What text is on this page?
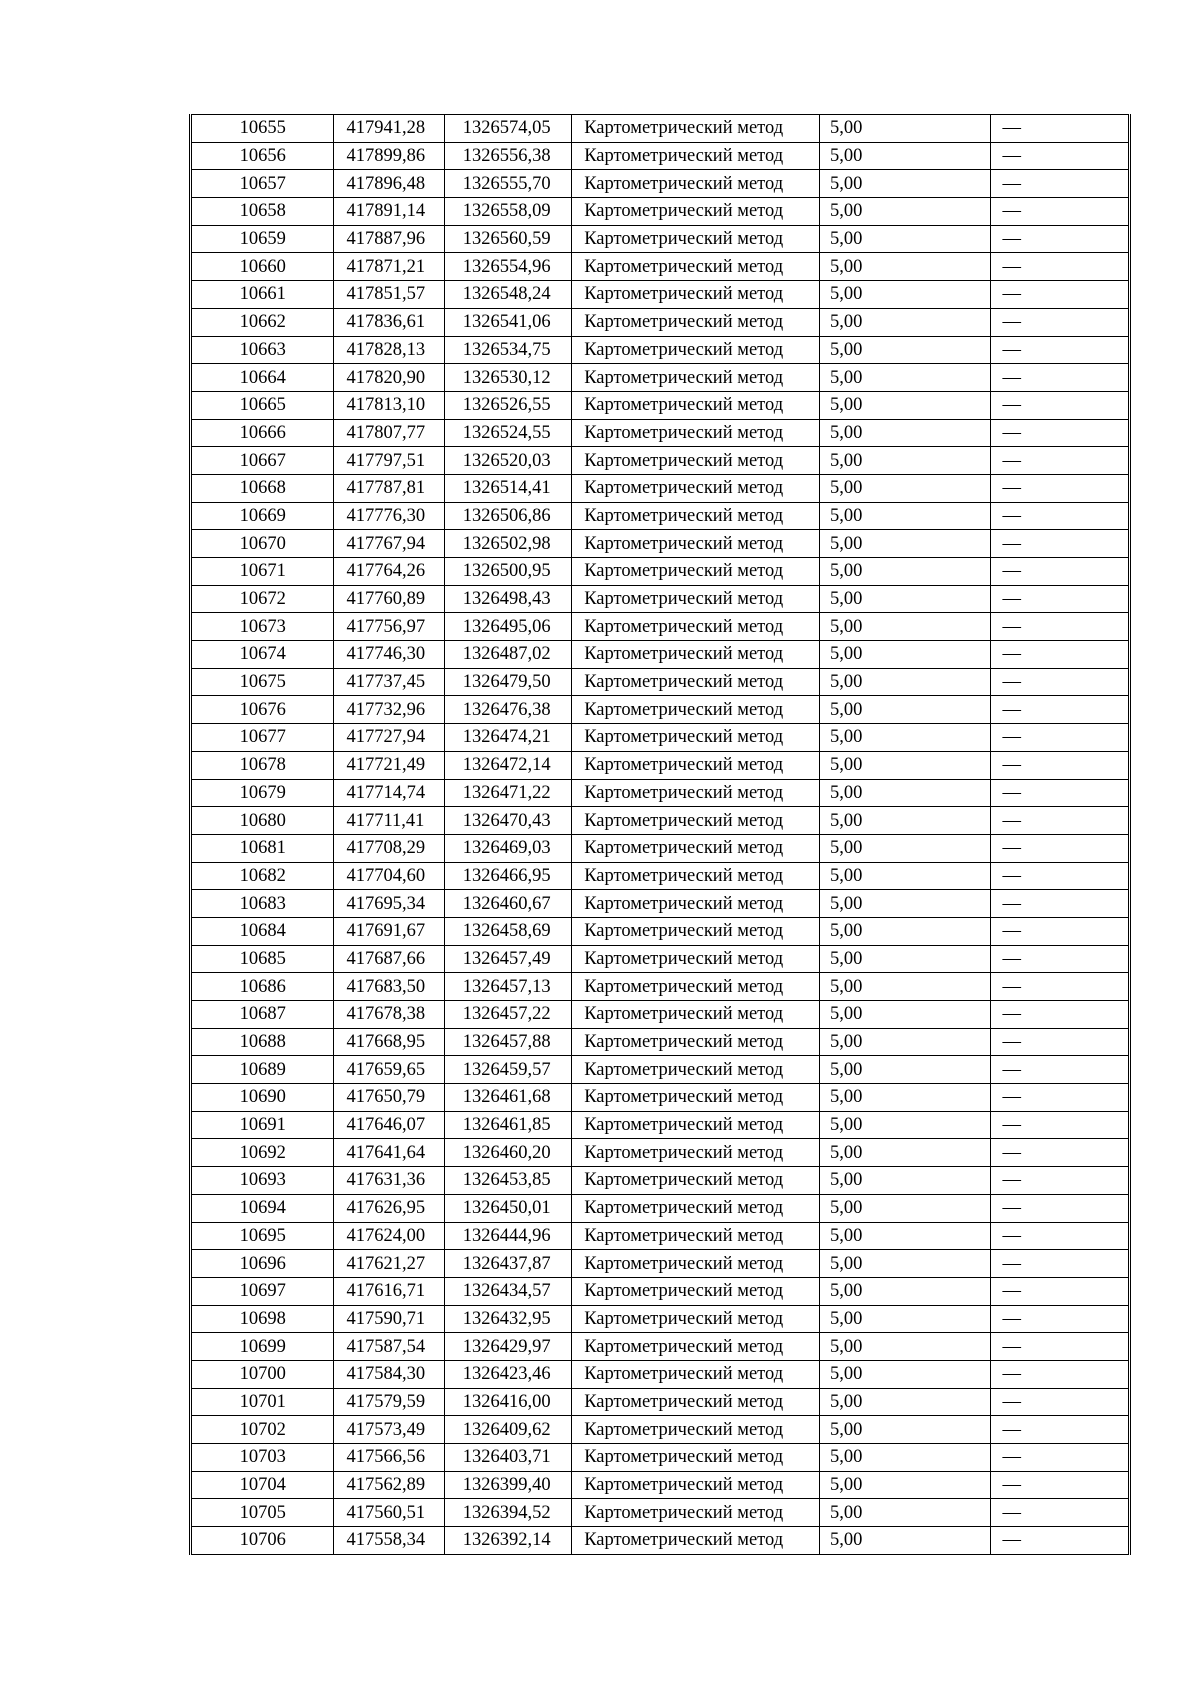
10655	417941,28	1326574,05	Картометрический метод	5,00	—
10656	417899,86	1326556,38	Картометрический метод	5,00	—
10657	417896,48	1326555,70	Картометрический метод	5,00	—
10658	417891,14	1326558,09	Картометрический метод	5,00	—
10659	417887,96	1326560,59	Картометрический метод	5,00	—
10660	417871,21	1326554,96	Картометрический метод	5,00	—
10661	417851,57	1326548,24	Картометрический метод	5,00	—
10662	417836,61	1326541,06	Картометрический метод	5,00	—
10663	417828,13	1326534,75	Картометрический метод	5,00	—
10664	417820,90	1326530,12	Картометрический метод	5,00	—
10665	417813,10	1326526,55	Картометрический метод	5,00	—
10666	417807,77	1326524,55	Картометрический метод	5,00	—
10667	417797,51	1326520,03	Картометрический метод	5,00	—
10668	417787,81	1326514,41	Картометрический метод	5,00	—
10669	417776,30	1326506,86	Картометрический метод	5,00	—
10670	417767,94	1326502,98	Картометрический метод	5,00	—
10671	417764,26	1326500,95	Картометрический метод	5,00	—
10672	417760,89	1326498,43	Картометрический метод	5,00	—
10673	417756,97	1326495,06	Картометрический метод	5,00	—
10674	417746,30	1326487,02	Картометрический метод	5,00	—
10675	417737,45	1326479,50	Картометрический метод	5,00	—
10676	417732,96	1326476,38	Картометрический метод	5,00	—
10677	417727,94	1326474,21	Картометрический метод	5,00	—
10678	417721,49	1326472,14	Картометрический метод	5,00	—
10679	417714,74	1326471,22	Картометрический метод	5,00	—
10680	417711,41	1326470,43	Картометрический метод	5,00	—
10681	417708,29	1326469,03	Картометрический метод	5,00	—
10682	417704,60	1326466,95	Картометрический метод	5,00	—
10683	417695,34	1326460,67	Картометрический метод	5,00	—
10684	417691,67	1326458,69	Картометрический метод	5,00	—
10685	417687,66	1326457,49	Картометрический метод	5,00	—
10686	417683,50	1326457,13	Картометрический метод	5,00	—
10687	417678,38	1326457,22	Картометрический метод	5,00	—
10688	417668,95	1326457,88	Картометрический метод	5,00	—
10689	417659,65	1326459,57	Картометрический метод	5,00	—
10690	417650,79	1326461,68	Картометрический метод	5,00	—
10691	417646,07	1326461,85	Картометрический метод	5,00	—
10692	417641,64	1326460,20	Картометрический метод	5,00	—
10693	417631,36	1326453,85	Картометрический метод	5,00	—
10694	417626,95	1326450,01	Картометрический метод	5,00	—
10695	417624,00	1326444,96	Картометрический метод	5,00	—
10696	417621,27	1326437,87	Картометрический метод	5,00	—
10697	417616,71	1326434,57	Картометрический метод	5,00	—
10698	417590,71	1326432,95	Картометрический метод	5,00	—
10699	417587,54	1326429,97	Картометрический метод	5,00	—
10700	417584,30	1326423,46	Картометрический метод	5,00	—
10701	417579,59	1326416,00	Картометрический метод	5,00	—
10702	417573,49	1326409,62	Картометрический метод	5,00	—
10703	417566,56	1326403,71	Картометрический метод	5,00	—
10704	417562,89	1326399,40	Картометрический метод	5,00	—
10705	417560,51	1326394,52	Картометрический метод	5,00	—
10706	417558,34	1326392,14	Картометрический метод	5,00	—
